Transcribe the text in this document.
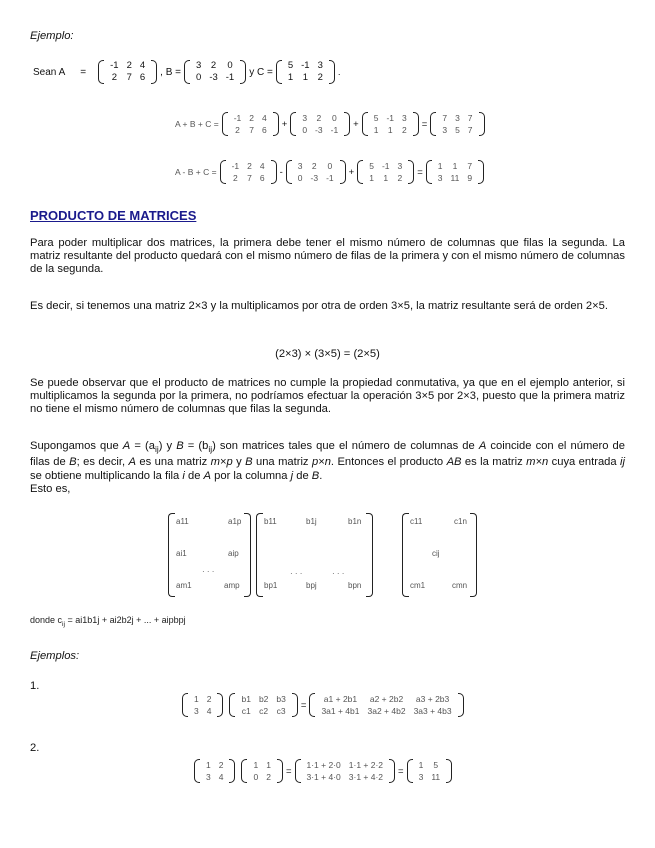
Ejemplo:
Sean A =
-1	2	4
2	7	6 , B =
3	2	0
0	-3	-1 y C =
5	-1	3
1	1	2 .
A + B + C =
-1	2	4
2	7	6
+
3	2	0
0	-3	-1
+
5	-1	3
1	1	2
=
7	3	7
3	5	7
A - B + C =
-1	2	4
2	7	6
-
3	2	0
0	-3	-1
+
5	-1	3
1	1	2
=
1	1	7
3	11	9
PRODUCTO DE MATRICES

Para poder multiplicar dos matrices, la primera debe tener el mismo número de columnas que filas la segunda. La matriz resultante del producto quedará con el mismo número de filas de la primera y con el mismo número de columnas de la segunda.

Es decir, si tenemos una matriz 2×3 y la multiplicamos por otra de orden 3×5, la matriz resultante será de orden 2×5.

(2×3) × (3×5) = (2×5)

Se puede observar que el producto de matrices no cumple la propiedad conmutativa, ya que en el ejemplo anterior, si multiplicamos la segunda por la primera, no podríamos efectuar la operación 3×5 por 2×3, puesto que la primera matriz no tiene el mismo número de columnas que filas la segunda.

Supongamos que $A = (a_{ij})$ y $B = (b_{ij})$ son matrices tales que el número de columnas de A coincide con el número de filas de B; es decir, A es una matriz m×p y B una matriz p×n. Entonces el producto AB es la matriz m×n cuya entrada ij se obtiene multiplicando la fila i de A por la columna j de B.

Esto es,
a11	a1p
ai1	aip
· · ·
am1	amp
b11	b1j	b1n
· · ·	· · ·
bp1	bpj	bpn
c11	c1n
cij
cm1	cmn
donde $c_{ij} = ai1b1j + ai2b2j$ + ... + aipbpj
Ejemplos:
1.
1	2
3	4
b1	b2	b3
c1	c2	c3
=
a1 + 2b1	a2 + 2b2	a3 + 2b3
3a1 + 4b1	3a2 + 4b2	3a3 + 4b3
2.
1	2
3	4
1	1
0	2
=
1·1 + 2·0	1·1 + 2·2
3·1 + 4·0	3·1 + 4·2
=
1	5
3	11
